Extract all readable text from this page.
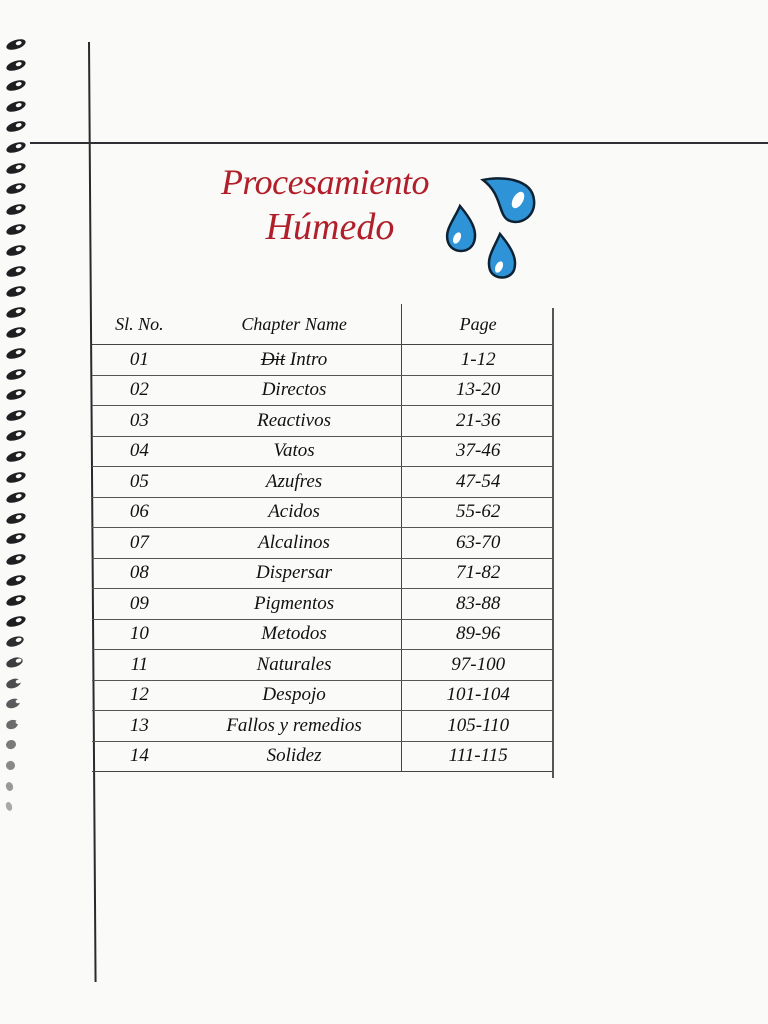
Procesamiento
Húmedo
Sl. No.	Chapter Name	Page
01	Dit Intro	1-12
02	Directos	13-20
03	Reactivos	21-36
04	Vatos	37-46
05	Azufres	47-54
06	Acidos	55-62
07	Alcalinos	63-70
08	Dispersar	71-82
09	Pigmentos	83-88
10	Metodos	89-96
11	Naturales	97-100
12	Despojo	101-104
13	Fallos y remedios	105-110
14	Solidez	111-115
